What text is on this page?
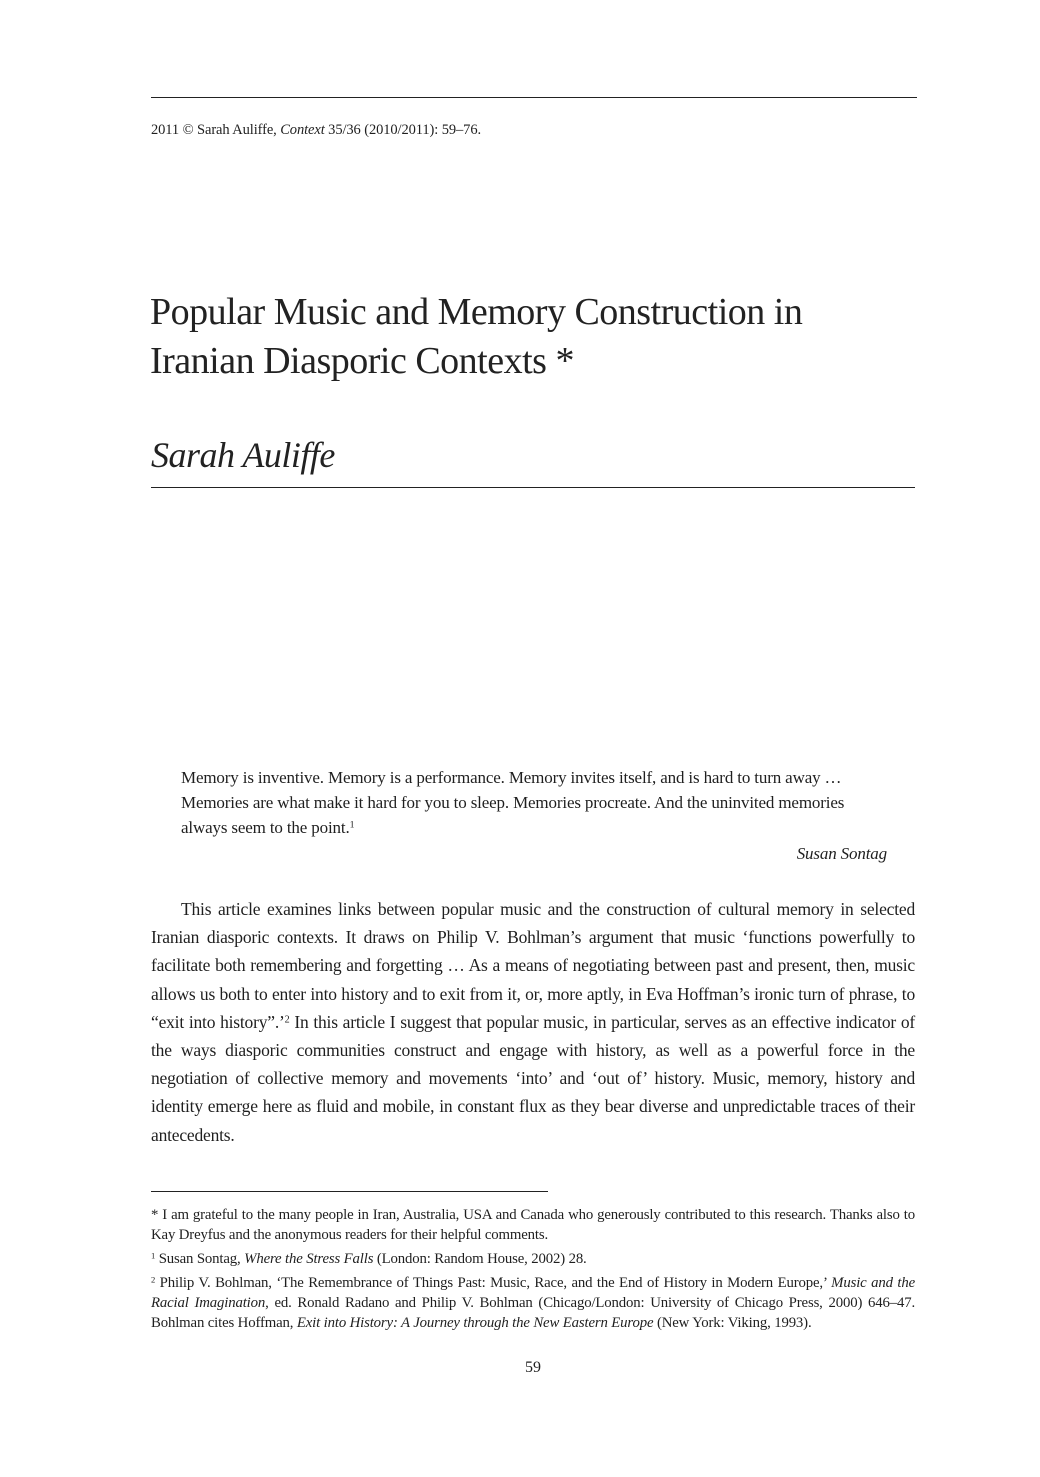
2011 © Sarah Auliffe, Context 35/36 (2010/2011): 59–76.
Popular Music and Memory Construction in
Iranian Diasporic Contexts *
Sarah Auliffe
Memory is inventive. Memory is a performance. Memory invites itself, and is hard to turn away … Memories are what make it hard for you to sleep. Memories procreate. And the uninvited memories always seem to the point.$^1$
Susan Sontag
This article examines links between popular music and the construction of cultural memory in selected Iranian diasporic contexts. It draws on Philip V. Bohlman’s argument that music ‘functions powerfully to facilitate both remembering and forgetting … As a means of negotiating between past and present, then, music allows us both to enter into history and to exit from it, or, more aptly, in Eva Hoffman’s ironic turn of phrase, to “exit into history”.’$^2$ In this article I suggest that popular music, in particular, serves as an effective indicator of the ways diasporic communities construct and engage with history, as well as a powerful force in the negotiation of collective memory and movements ‘into’ and ‘out of’ history. Music, memory, history and identity emerge here as fluid and mobile, in constant flux as they bear diverse and unpredictable traces of their antecedents.
* I am grateful to the many people in Iran, Australia, USA and Canada who generously contributed to this research. Thanks also to Kay Dreyfus and the anonymous readers for their helpful comments.
$^1$ Susan Sontag, Where the Stress Falls (London: Random House, 2002) 28.
$^2$ Philip V. Bohlman, ‘The Remembrance of Things Past: Music, Race, and the End of History in Modern Europe,’ Music and the Racial Imagination, ed. Ronald Radano and Philip V. Bohlman (Chicago/London: University of Chicago Press, 2000) 646–47. Bohlman cites Hoffman, Exit into History: A Journey through the New Eastern Europe (New York: Viking, 1993).
59
